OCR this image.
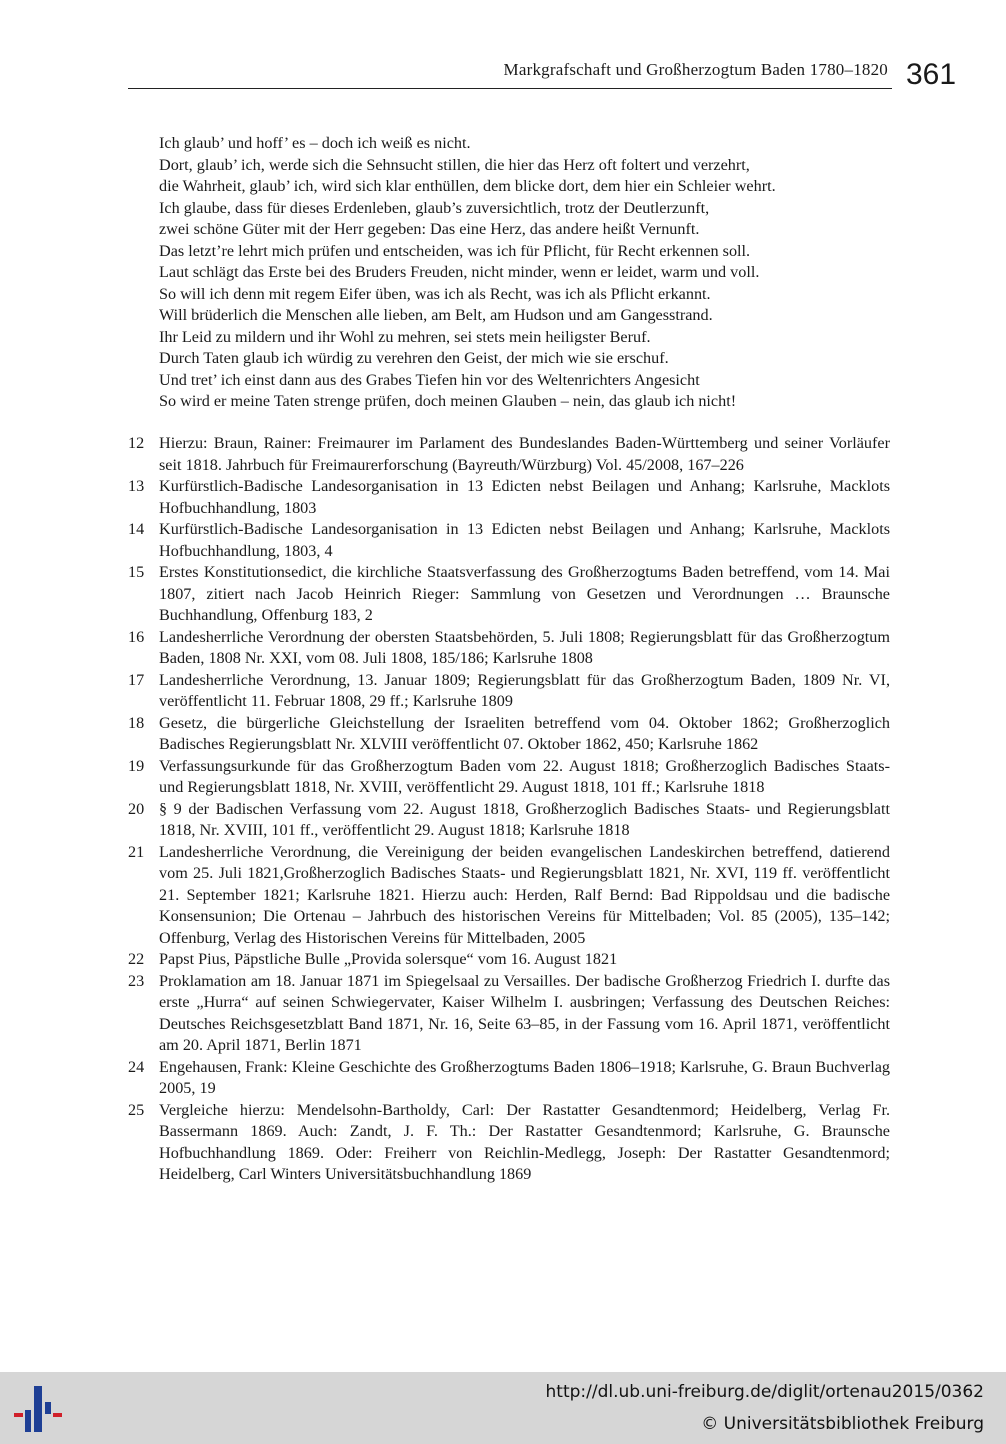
Markgrafschaft und Großherzogtum Baden 1780–1820 361
Ich glaub’ und hoff’ es – doch ich weiß es nicht.
Dort, glaub’ ich, werde sich die Sehnsucht stillen, die hier das Herz oft foltert und verzehrt,
die Wahrheit, glaub’ ich, wird sich klar enthüllen, dem blicke dort, dem hier ein Schleier wehrt.
Ich glaube, dass für dieses Erdenleben, glaub’s zuversichtlich, trotz der Deutlerzunft,
zwei schöne Güter mit der Herr gegeben: Das eine Herz, das andere heißt Vernunft.
Das letzt’re lehrt mich prüfen und entscheiden, was ich für Pflicht, für Recht erkennen soll.
Laut schlägt das Erste bei des Bruders Freuden, nicht minder, wenn er leidet, warm und voll.
So will ich denn mit regem Eifer üben, was ich als Recht, was ich als Pflicht erkannt.
Will brüderlich die Menschen alle lieben, am Belt, am Hudson und am Gangesstrand.
Ihr Leid zu mildern und ihr Wohl zu mehren, sei stets mein heiligster Beruf.
Durch Taten glaub ich würdig zu verehren den Geist, der mich wie sie erschuf.
Und tret’ ich einst dann aus des Grabes Tiefen hin vor des Weltenrichters Angesicht
So wird er meine Taten strenge prüfen, doch meinen Glauben – nein, das glaub ich nicht!
12 Hierzu: Braun, Rainer: Freimaurer im Parlament des Bundeslandes Baden-Württemberg und seiner Vorläufer seit 1818. Jahrbuch für Freimaurerforschung (Bayreuth/Würzburg) Vol. 45/2008, 167–226
13 Kurfürstlich-Badische Landesorganisation in 13 Edicten nebst Beilagen und Anhang; Karlsruhe, Macklots Hofbuchhandlung, 1803
14 Kurfürstlich-Badische Landesorganisation in 13 Edicten nebst Beilagen und Anhang; Karlsruhe, Macklots Hofbuchhandlung, 1803, 4
15 Erstes Konstitutionsedict, die kirchliche Staatsverfassung des Großherzogtums Baden betreffend, vom 14. Mai 1807, zitiert nach Jacob Heinrich Rieger: Sammlung von Gesetzen und Verordnungen … Braunsche Buchhandlung, Offenburg 183, 2
16 Landesherrliche Verordnung der obersten Staatsbehörden, 5. Juli 1808; Regierungsblatt für das Großherzogtum Baden, 1808 Nr. XXI, vom 08. Juli 1808, 185/186; Karlsruhe 1808
17 Landesherrliche Verordnung, 13. Januar 1809; Regierungsblatt für das Großherzogtum Baden, 1809 Nr. VI, veröffentlicht 11. Februar 1808, 29 ff.; Karlsruhe 1809
18 Gesetz, die bürgerliche Gleichstellung der Israeliten betreffend vom 04. Oktober 1862; Großherzoglich Badisches Regierungsblatt Nr. XLVIII veröffentlicht 07. Oktober 1862, 450; Karlsruhe 1862
19 Verfassungsurkunde für das Großherzogtum Baden vom 22. August 1818; Großherzoglich Badisches Staats- und Regierungsblatt 1818, Nr. XVIII, veröffentlicht 29. August 1818, 101 ff.; Karlsruhe 1818
20 § 9 der Badischen Verfassung vom 22. August 1818, Großherzoglich Badisches Staats- und Regierungsblatt 1818, Nr. XVIII, 101 ff., veröffentlicht 29. August 1818; Karlsruhe 1818
21 Landesherrliche Verordnung, die Vereinigung der beiden evangelischen Landeskirchen betreffend, datierend vom 25. Juli 1821,Großherzoglich Badisches Staats- und Regierungsblatt 1821, Nr. XVI, 119 ff. veröffentlicht 21. September 1821; Karlsruhe 1821. Hierzu auch: Herden, Ralf Bernd: Bad Rippoldsau und die badische Konsensunion; Die Ortenau – Jahrbuch des historischen Vereins für Mittelbaden; Vol. 85 (2005), 135–142; Offenburg, Verlag des Historischen Vereins für Mittelbaden, 2005
22 Papst Pius, Päpstliche Bulle „Provida solersque“ vom 16. August 1821
23 Proklamation am 18. Januar 1871 im Spiegelsaal zu Versailles. Der badische Großherzog Friedrich I. durfte das erste „Hurra“ auf seinen Schwiegervater, Kaiser Wilhelm I. ausbringen; Verfassung des Deutschen Reiches: Deutsches Reichsgesetzblatt Band 1871, Nr. 16, Seite 63–85, in der Fassung vom 16. April 1871, veröffentlicht am 20. April 1871, Berlin 1871
24 Engehausen, Frank: Kleine Geschichte des Großherzogtums Baden 1806–1918; Karlsruhe, G. Braun Buchverlag 2005, 19
25 Vergleiche hierzu: Mendelsohn-Bartholdy, Carl: Der Rastatter Gesandtenmord; Heidelberg, Verlag Fr. Bassermann 1869. Auch: Zandt, J. F. Th.: Der Rastatter Gesandtenmord; Karlsruhe, G. Braunsche Hofbuchhandlung 1869. Oder: Freiherr von Reichlin-Medlegg, Joseph: Der Rastatter Gesandtenmord; Heidelberg, Carl Winters Universitätsbuchhandlung 1869
http://dl.ub.uni-freiburg.de/diglit/ortenau2015/0362
© Universitätsbibliothek Freiburg
